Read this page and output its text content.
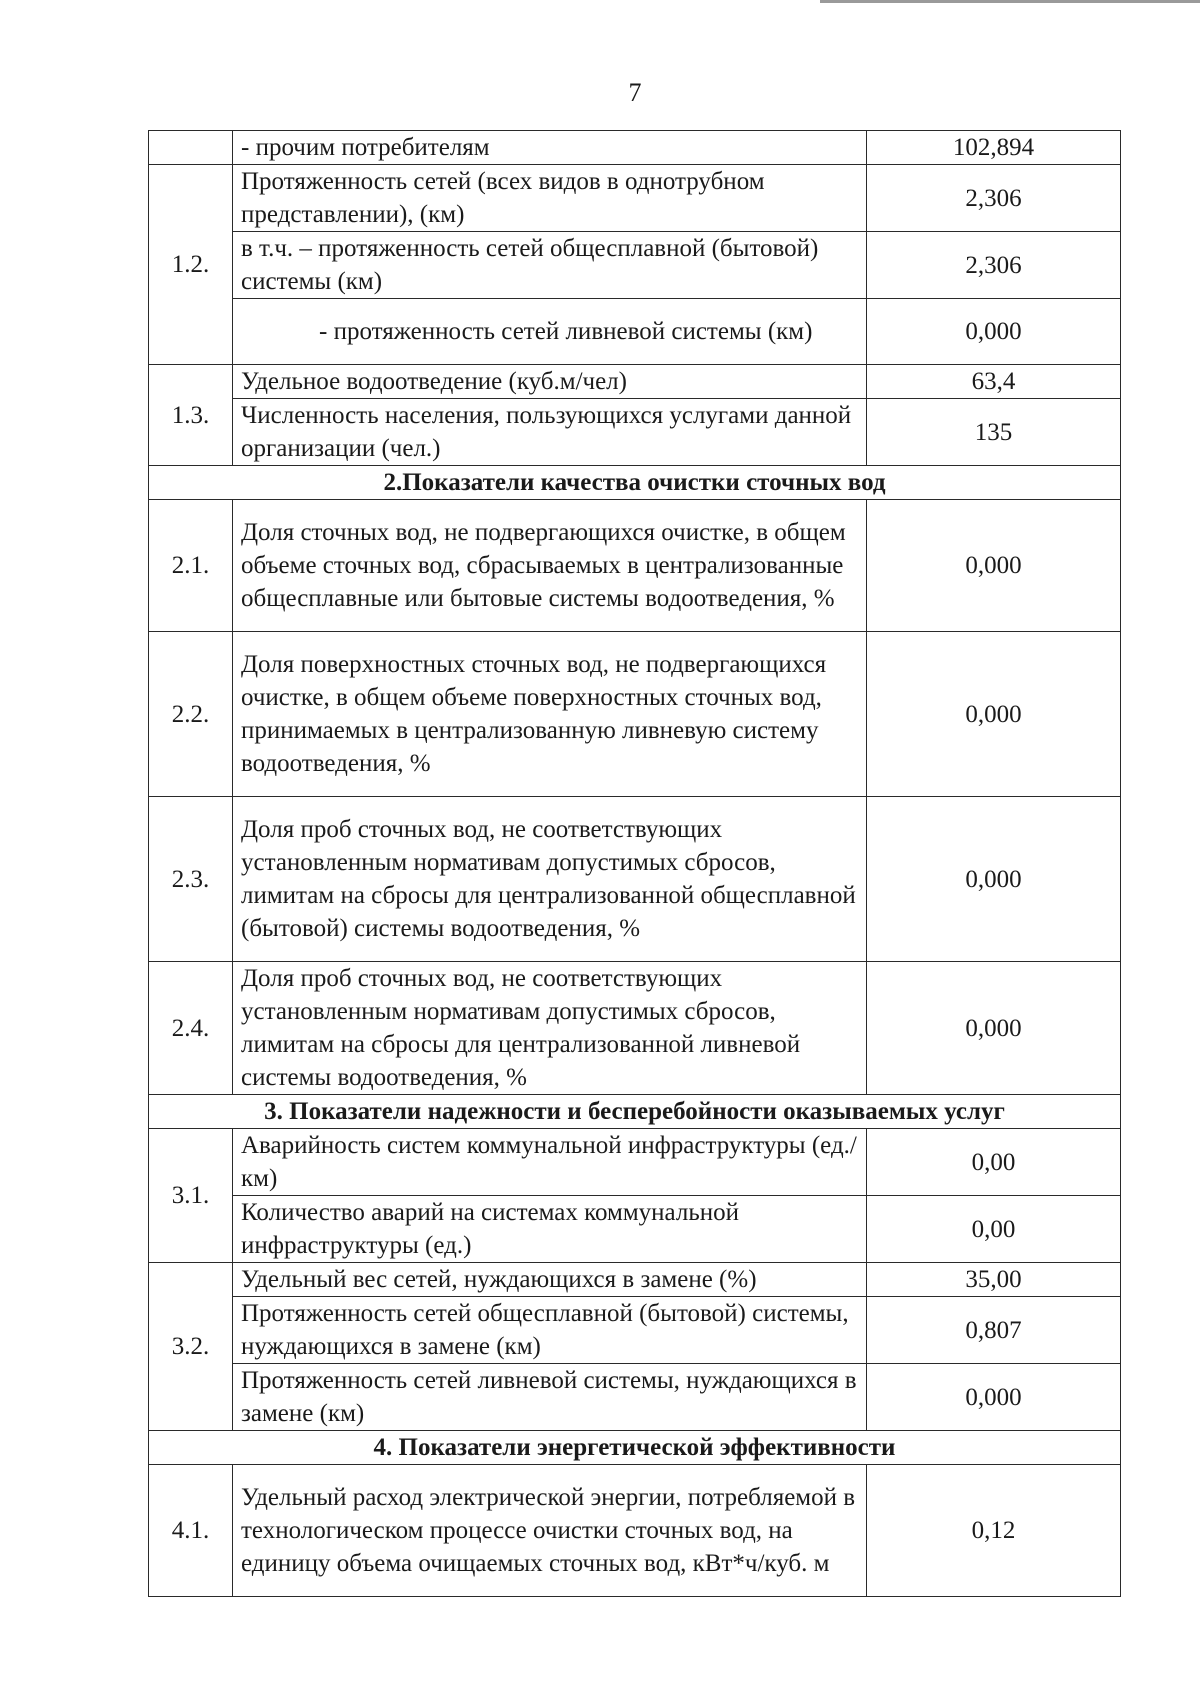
7
	- прочим потребителям	102,894
1.2.	Протяженность сетей (всех видов в однотрубном представлении), (км)	2,306
	в т.ч. – протяженность сетей общесплавной (бытовой) системы (км)	2,306
	- протяженность сетей ливневой системы (км)	0,000
1.3.	Удельное водоотведение (куб.м/чел)	63,4
	Численность населения, пользующихся услугами данной организации (чел.)	135
2.Показатели качества очистки сточных вод		
2.1.	Доля сточных вод, не подвергающихся очистке, в общем объеме сточных вод, сбрасываемых в централизованные общесплавные или бытовые системы водоотведения, %	0,000
2.2.	Доля поверхностных сточных вод, не подвергающихся очистке, в общем объеме поверхностных сточных вод, принимаемых в централизованную ливневую систему водоотведения, %	0,000
2.3.	Доля проб сточных вод, не соответствующих установленным нормативам допустимых сбросов, лимитам на сбросы для централизованной общесплавной (бытовой) системы водоотведения, %	0,000
2.4.	Доля проб сточных вод, не соответствующих установленным нормативам допустимых сбросов, лимитам на сбросы для централизованной ливневой системы водоотведения, %	0,000
3. Показатели надежности и бесперебойности оказываемых услуг		
3.1.	Аварийность систем коммунальной инфраструктуры (ед./км)	0,00
	Количество аварий на системах коммунальной инфраструктуры (ед.)	0,00
3.2.	Удельный вес сетей, нуждающихся в замене (%)	35,00
	Протяженность сетей общесплавной (бытовой) системы, нуждающихся в замене (км)	0,807
	Протяженность сетей ливневой системы, нуждающихся в замене (км)	0,000
4. Показатели энергетической эффективности		
4.1.	Удельный расход электрической энергии, потребляемой в технологическом процессе очистки сточных вод, на единицу объема очищаемых сточных вод, кВт*ч/куб. м	0,12
